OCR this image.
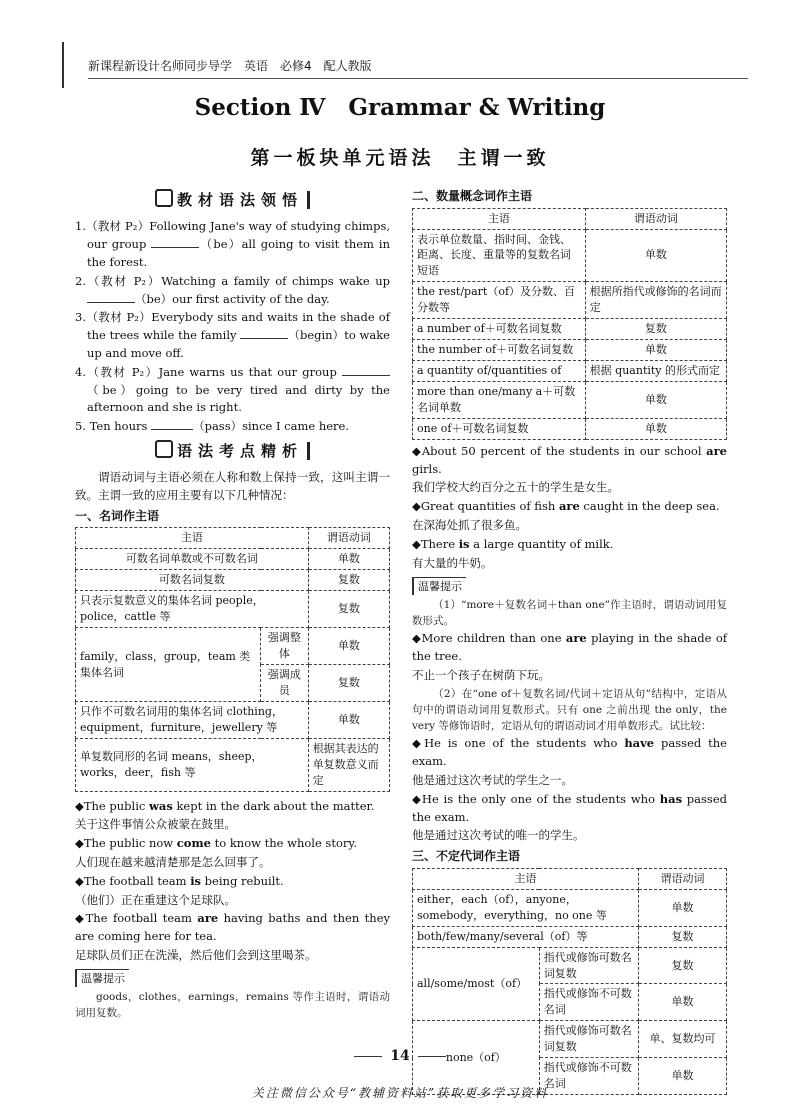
新课程新设计名师同步导学　英语　必修4　配人教版
Section Ⅳ　Grammar & Writing
第一板块单元语法　主谓一致
教材语法领悟

1.（教材 P₂）Following Jane's way of studying chimps, our group	（be）all going to visit them in the forest.

2.（教材 P₂）Watching a family of chimps wake up （be）our first activity of the day.

3.（教材 P₂）Everybody sits and waits in the shade of the trees while the family	（begin）to wake up and move off.

4.（教材 P₂）Jane warns us that our group （be）going to be very tired and dirty by the afternoon and she is right.

5. Ten hours	（pass）since I came here.

语法考点精析

谓语动词与主语必须在人称和数上保持一致，这叫主谓一致。主谓一致的应用主要有以下几种情况：

一、名词作主语

主语		谓语动词
可数名词单数或不可数名词		单数
可数名词复数		复数
只表示复数意义的集体名词 people，police，cattle 等		复数
family，class，group，team 类集体名词	强调整体	单数
	强调成员	复数
只作不可数名词用的集体名词 clothing，equipment，furniture，jewellery 等		单数
单复数同形的名词 means，sheep，works，deer，fish 等		根据其表达的单复数意义而定

◆The public was kept in the dark about the matter.

关于这件事情公众被蒙在鼓里。

◆The public now come to know the whole story.

人们现在越来越清楚那是怎么回事了。

◆The football team is being rebuilt.

（他们）正在重建这个足球队。

◆The football team are having baths and then they are coming here for tea.

足球队员们正在洗澡，然后他们会到这里喝茶。

温馨提示

goods，clothes，earnings，remains 等作主语时，谓语动词用复数。

二、数量概念词作主语

主语	谓语动词
表示单位数量、指时间、金钱、距离、长度、重量等的复数名词短语	单数
the rest/part（of）及分数、百分数等	根据所指代或修饰的名词而定
a number of＋可数名词复数	复数
the number of＋可数名词复数	单数
a quantity of/quantities of	根据 quantity 的形式而定
more than one/many a＋可数名词单数	单数
one of＋可数名词复数	单数

◆About 50 percent of the students in our school are girls.

我们学校大约百分之五十的学生是女生。

◆Great quantities of fish are caught in the deep sea.

在深海处抓了很多鱼。

◆There is a large quantity of milk.

有大量的牛奶。

温馨提示

（1）“more＋复数名词＋than one”作主语时，谓语动词用复数形式。

◆More children than one are playing in the shade of the tree.

不止一个孩子在树荫下玩。

（2）在“one of＋复数名词/代词＋定语从句”结构中，定语从句中的谓语动词用复数形式。只有 one 之前出现 the only，the very 等修饰语时，定语从句的谓语动词才用单数形式。试比较：

◆He is one of the students who have passed the exam.

他是通过这次考试的学生之一。

◆He is the only one of the students who has passed the exam.

他是通过这次考试的唯一的学生。

三、不定代词作主语

主语		谓语动词
either，each（of），anyone，somebody，everything，no one 等		单数
both/few/many/several（of）等		复数
all/some/most（of）	指代或修饰可数名词复数	复数
	指代或修饰不可数名词	单数
none（of）	指代或修饰可数名词复数	单、复数均可
	指代或修饰不可数名词	单数
14
关注微信公众号“教辅资料站”获取更多学习资料
